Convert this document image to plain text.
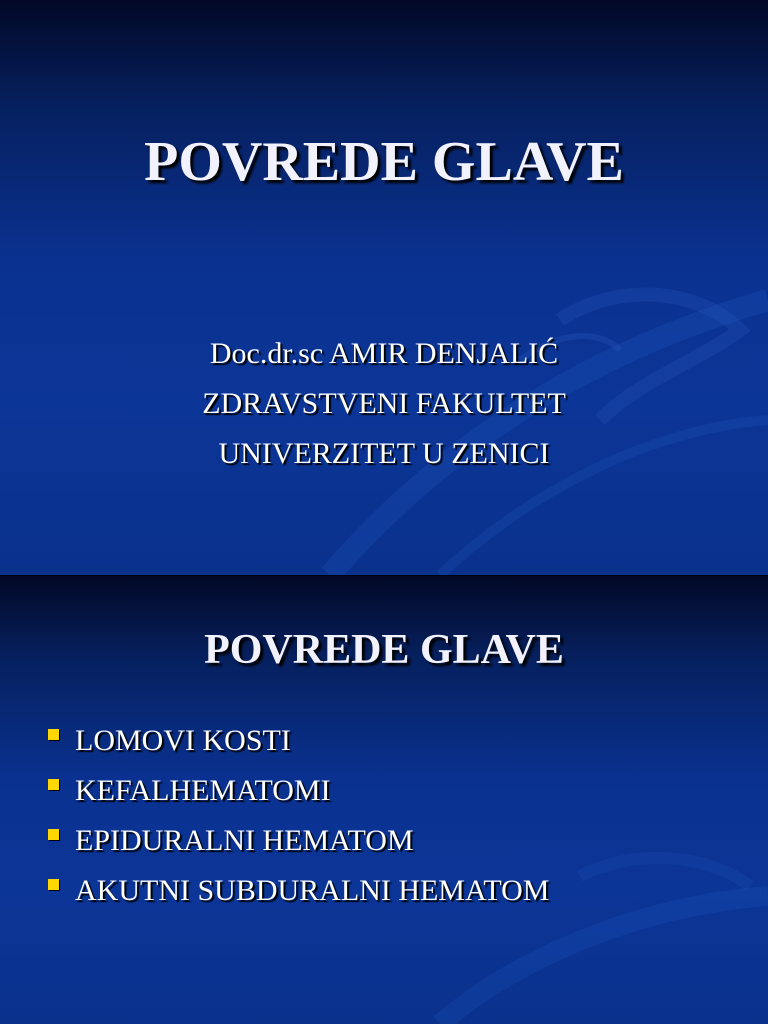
POVREDE GLAVE
Doc.dr.sc AMIR DENJALIĆ
ZDRAVSTVENI FAKULTET
UNIVERZITET U ZENICI
POVREDE GLAVE
LOMOVI KOSTI
KEFALHEMATOMI
EPIDURALNI HEMATOM
AKUTNI SUBDURALNI HEMATOM
